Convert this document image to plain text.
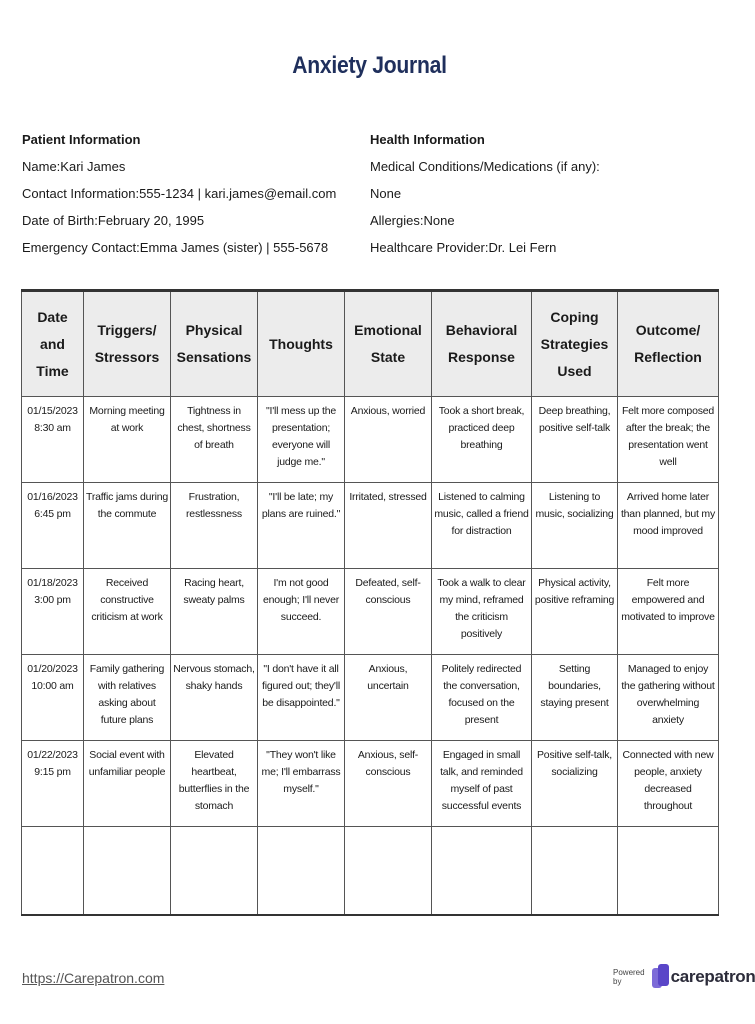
Anxiety Journal
Patient Information
Name:Kari James
Contact Information:555-1234 | kari.james@email.com
Date of Birth:February 20, 1995
Emergency Contact:Emma James (sister) | 555-5678
Health Information
Medical Conditions/Medications (if any):
None
Allergies:None
Healthcare Provider:Dr. Lei Fern
Date and Time	Triggers/ Stressors	Physical Sensations	Thoughts	Emotional State	Behavioral Response	Coping Strategies Used	Outcome/ Reflection
01/15/2023 8:30 am	Morning meeting at work	Tightness in chest, shortness of breath	"I'll mess up the presentation; everyone will judge me."	Anxious, worried	Took a short break, practiced deep breathing	Deep breathing, positive self-talk	Felt more composed after the break; the presentation went well
01/16/2023 6:45 pm	Traffic jams during the commute	Frustration, restlessness	"I'll be late; my plans are ruined."	Irritated, stressed	Listened to calming music, called a friend for distraction	Listening to music, socializing	Arrived home later than planned, but my mood improved
01/18/2023 3:00 pm	Received constructive criticism at work	Racing heart, sweaty palms	I'm not good enough; I'll never succeed.	Defeated, self-conscious	Took a walk to clear my mind, reframed the criticism positively	Physical activity, positive reframing	Felt more empowered and motivated to improve
01/20/2023 10:00 am	Family gathering with relatives asking about future plans	Nervous stomach, shaky hands	"I don't have it all figured out; they'll be disappointed."	Anxious, uncertain	Politely redirected the conversation, focused on the present	Setting boundaries, staying present	Managed to enjoy the gathering without overwhelming anxiety
01/22/2023 9:15 pm	Social event with unfamiliar people	Elevated heartbeat, butterflies in the stomach	"They won't like me; I'll embarrass myself."	Anxious, self-conscious	Engaged in small talk, and reminded myself of past successful events	Positive self-talk, socializing	Connected with new people, anxiety decreased throughout

https://Carepatron.com	Powered by	carepatron
